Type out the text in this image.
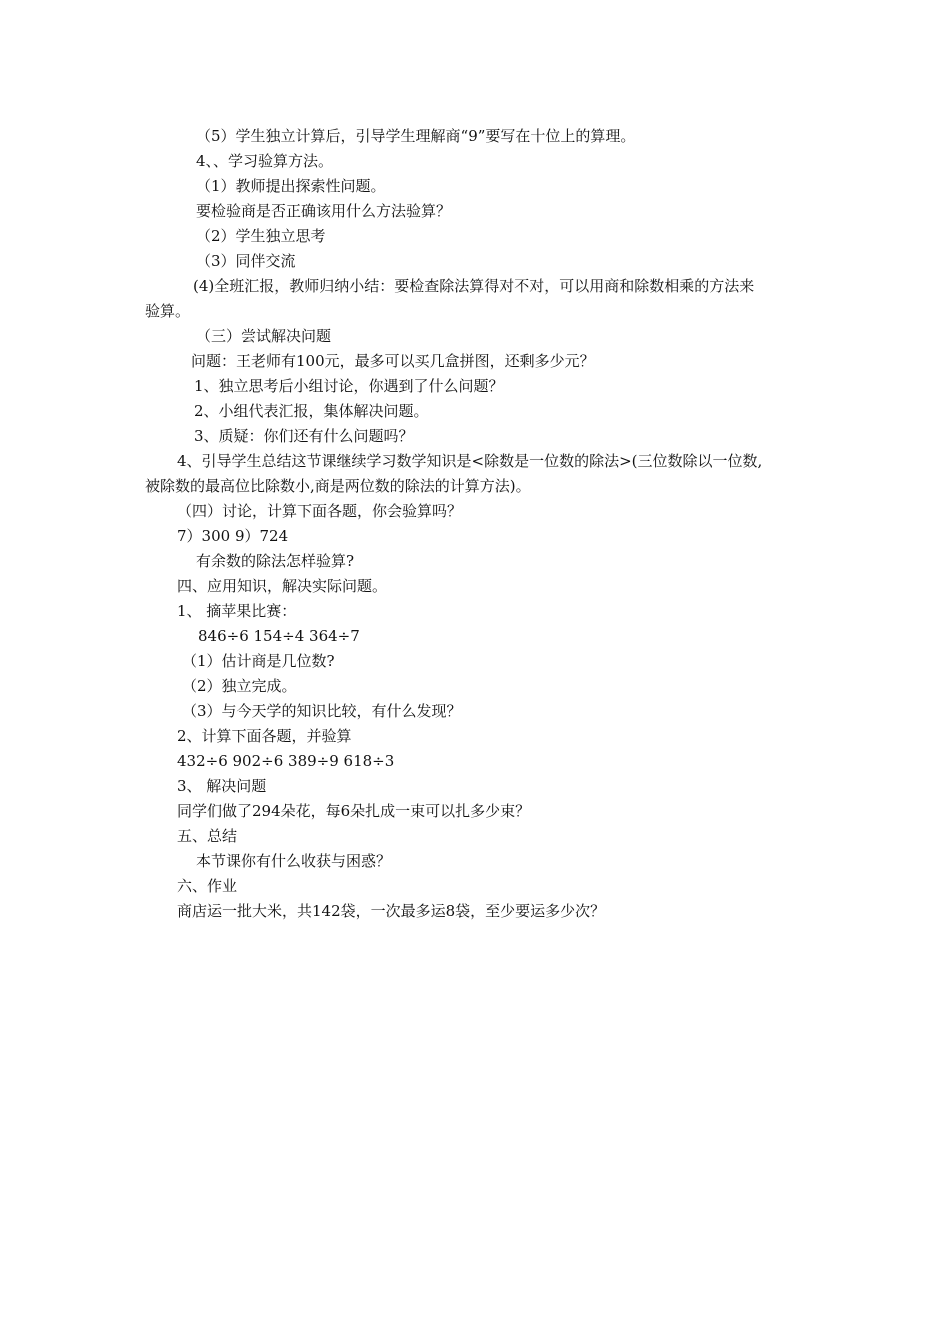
（5）学生独立计算后，引导学生理解商“9”要写在十位上的算理。
4、、学习验算方法。
（1）教师提出探索性问题。
要检验商是否正确该用什么方法验算？
（2）学生独立思考
（3）同伴交流
(4)全班汇报，教师归纳小结：要检查除法算得对不对，可以用商和除数相乘的方法来
验算。
（三）尝试解决问题
问题：王老师有100元，最多可以买几盒拼图，还剩多少元？
1、独立思考后小组讨论，你遇到了什么问题？
2、小组代表汇报，集体解决问题。
3、质疑：你们还有什么问题吗？
4、引导学生总结这节课继续学习数学知识是<除数是一位数的除法>(三位数除以一位数,
被除数的最高位比除数小,商是两位数的除法的计算方法)。
（四）讨论，计算下面各题，你会验算吗？
7）300 9）724
有余数的除法怎样验算?
四、应用知识，解决实际问题。
1、 摘苹果比赛：
846÷6 154÷4 364÷7
（1）估计商是几位数?
（2）独立完成。
（3）与今天学的知识比较，有什么发现？
2、计算下面各题，并验算
432÷6 902÷6 389÷9 618÷3
3、 解决问题
同学们做了294朵花，每6朵扎成一束可以扎多少束？
五、总结
本节课你有什么收获与困惑？
六、作业
商店运一批大米，共142袋，一次最多运8袋，至少要运多少次？
